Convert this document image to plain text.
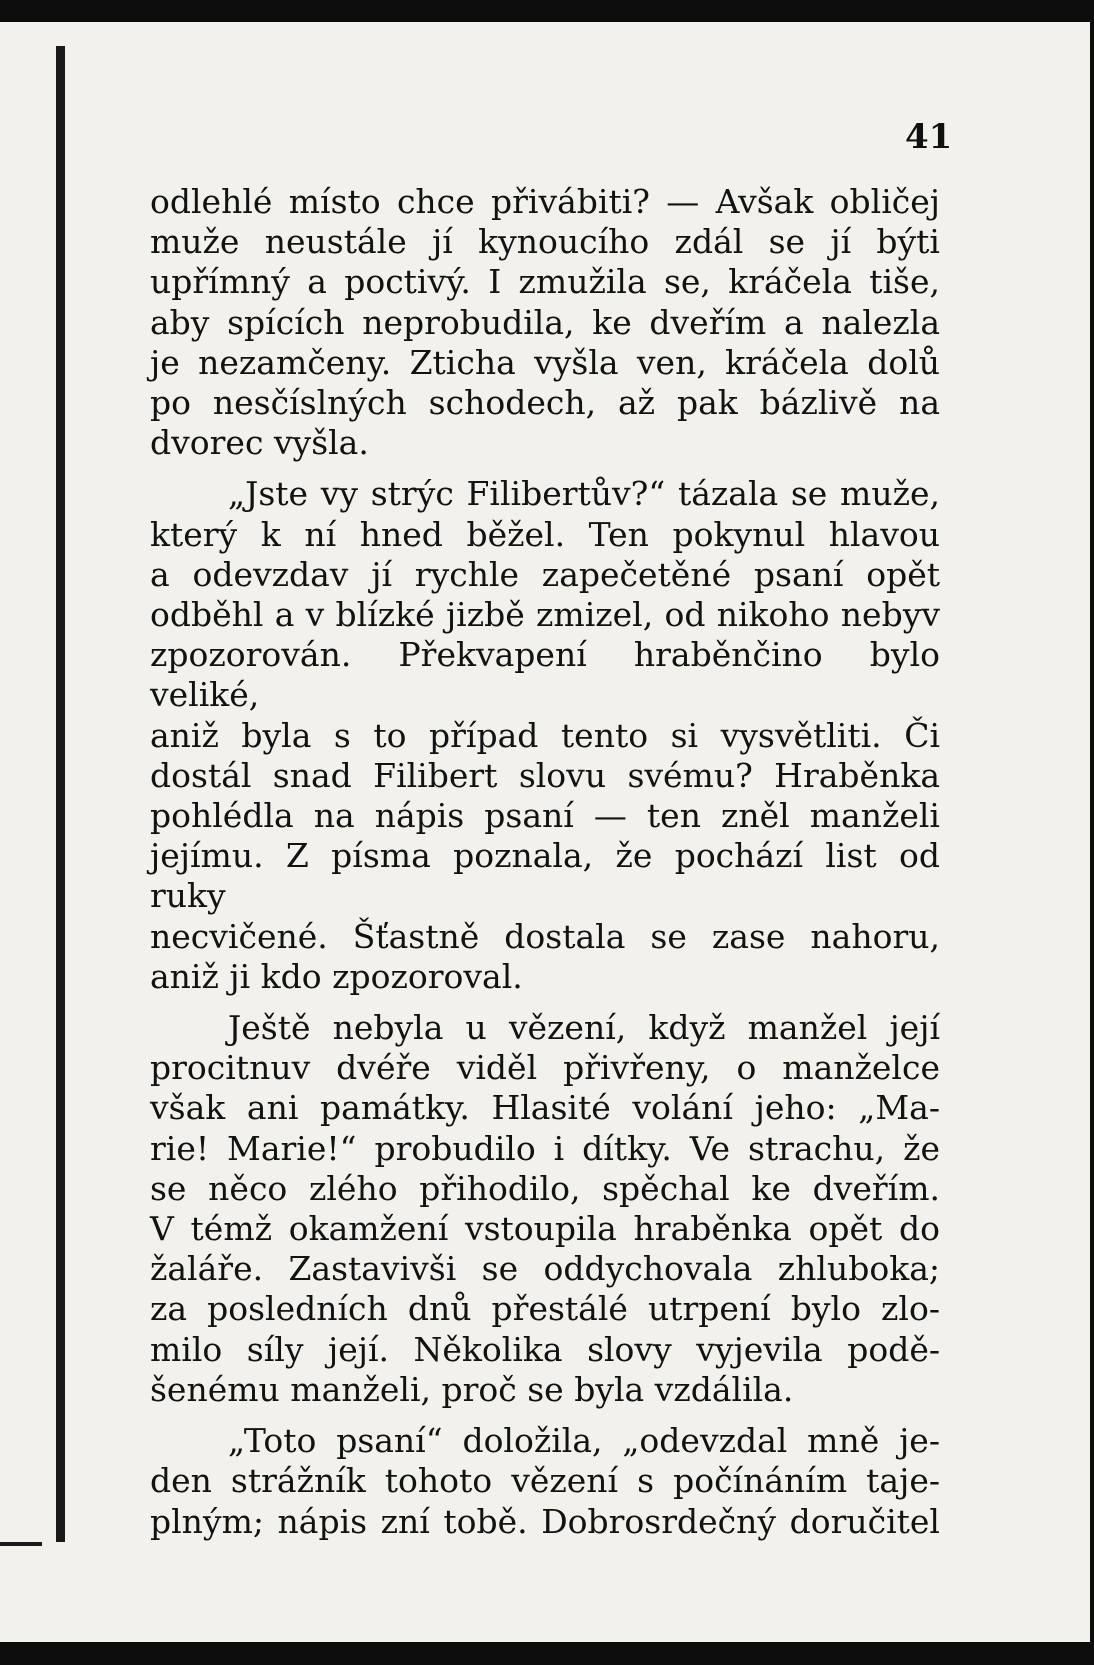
41

odlehlé místo chce přivábiti? — Avšak obličej
muže neustále jí kynoucího zdál se jí býti
upřímný a poctivý. I zmužila se, kráčela tiše,
aby spících neprobudila, ke dveřím a nalezla
je nezamčeny. Ztichа vyšla ven, kráčela dolů
po nesčíslných schodech, až pak bázlivě na
dvorec vyšla.
„Jste vy strýc Filibertův?“ tázala se muže,
který k ní hned běžel. Ten pokynul hlavou
a odevzdav jí rychle zapečetěné psaní opět
odběhl a v blízké jizbě zmizel, od nikoho nebyv
zpozorován. Překvapení hraběnčino bylo veliké,
aniž byla s to případ tento si vysvětliti. Či
dostál snad Filibert slovu svému? Hraběnka
pohlédla na nápis psaní — ten zněl manželi
jejímu. Z písma poznala, že pochází list od ruky
necvičené. Šťastně dostala se zase nahoru,
aniž ji kdo zpozoroval.
Ještě nebyla u vězení, když manžel její
procitnuv dvéře viděl přivřeny, o manželce
však ani památky. Hlasité volání jeho: „Ma-
rie! Marie!“ probudilo i dítky. Ve strachu, že
se něco zlého přihodilo, spěchal ke dveřím.
V témž okamžení vstoupila hraběnka opět do
žaláře. Zastavivši se oddychovala zhluboka;
za posledních dnů přestálé utrpení bylo zlo-
milo síly její. Několika slovy vyjevila podě-
šenému manželi, proč se byla vzdálila.
„Toto psaní“ doložila, „odevzdal mně je-
den strážník tohoto vězení s počínáním taje-
plným; nápis zní tobě. Dobrosrdečný doručitel
